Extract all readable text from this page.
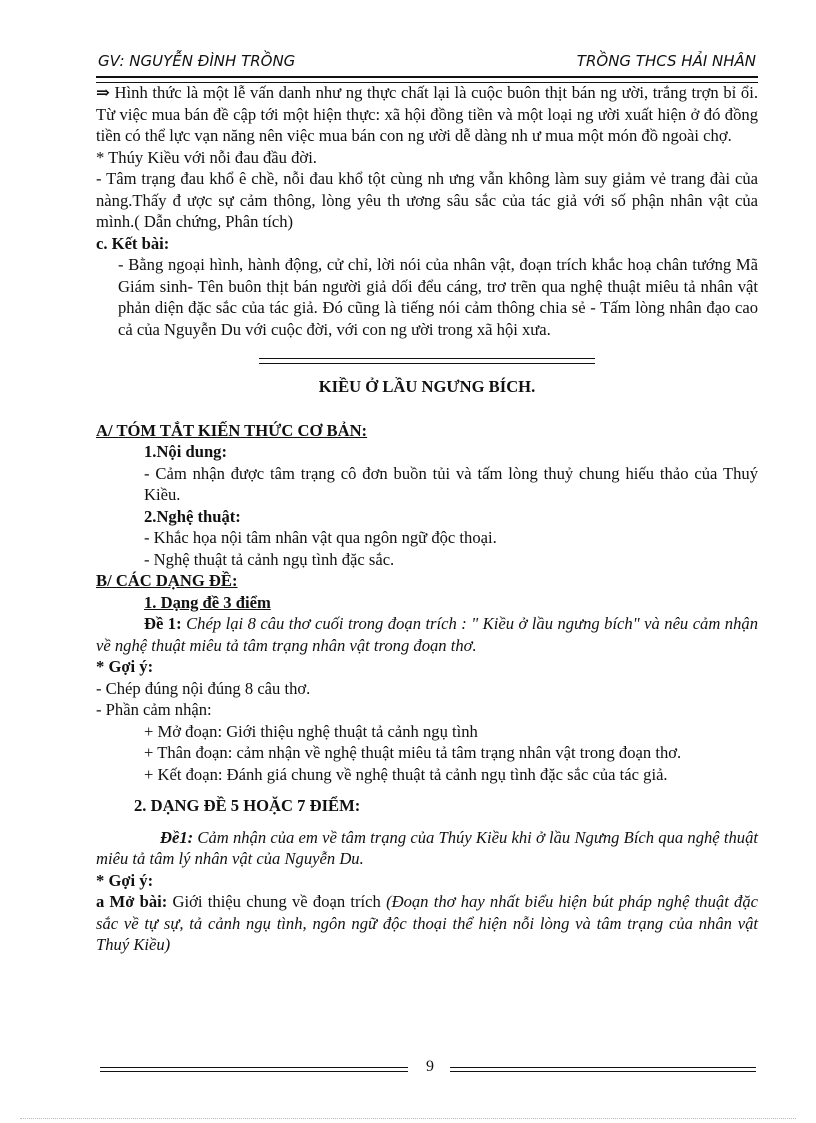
GV: NGUYỄN ĐÌNH TRỒNG	TRỒNG THCS HẢI NHÂN

⇒ Hình thức là một lễ vấn danh như ng thực chất lại là cuộc buôn thịt bán ng ười, trắng trợn bỉ ổi. Từ việc mua bán đề cập tới một hiện thực: xã hội đồng tiền và một loại ng ười xuất hiện ở đó đồng tiền có thể lực vạn năng nên việc mua bán con ng ười dễ dàng nh ư mua một món đồ ngoài chợ.

* Thúy Kiều với nỗi đau đầu đời.

- Tâm trạng đau khổ ê chề, nỗi đau khổ tột cùng nh ưng vẫn không làm suy giảm vẻ trang đài của nàng.Thấy đ ược sự cảm thông, lòng yêu th ương sâu sắc của tác giả với số phận nhân vật của mình.( Dẫn chứng, Phân tích)

c. Kết bài:

- Bằng ngoại hình, hành động, cử chỉ, lời nói của nhân vật, đoạn trích khắc hoạ chân tướng Mã Giám sinh- Tên buôn thịt bán người giả dối đểu cáng, trơ trẽn qua nghệ thuật miêu tả nhân vật phản diện đặc sắc của tác giả. Đó cũng là tiếng nói cảm thông chia sẻ - Tấm lòng nhân đạo cao cả của Nguyễn Du với cuộc đời, với con ng ười trong xã hội xưa.

KIỀU Ở LẦU NGƯNG BÍCH.

A/ TÓM TẮT KIẾN THỨC CƠ BẢN:

1.Nội dung:

- Cảm nhận được tâm trạng cô đơn buồn tủi và tấm lòng thuỷ chung hiếu thảo của Thuý Kiều.

2.Nghệ thuật:

- Khắc họa nội tâm nhân vật qua ngôn ngữ độc thoại.

- Nghệ thuật tả cảnh ngụ tình đặc sắc.

B/ CÁC DẠNG ĐỀ:

1. Dạng đề 3 điểm

Đề 1: Chép lại 8 câu thơ cuối trong đoạn trích : " Kiều ở lầu ngưng bích" và nêu cảm nhận về nghệ thuật miêu tả tâm trạng nhân vật trong đoạn thơ.

* Gợi ý:

- Chép đúng nội đúng 8 câu thơ.

- Phần cảm nhận:

+ Mở đoạn: Giới thiệu nghệ thuật tả cảnh ngụ tình

+ Thân đoạn: cảm nhận về nghệ thuật miêu tả tâm trạng nhân vật trong đoạn thơ.

+ Kết đoạn: Đánh giá chung về nghệ thuật tả cảnh ngụ tình đặc sắc của tác giả.

2. DẠNG ĐỀ 5 HOẶC 7 ĐIỂM:

Đề1: Cảm nhận của em về tâm trạng của Thúy Kiều khi ở lầu Ngưng Bích qua nghệ thuật miêu tả tâm lý nhân vật của Nguyễn Du.

* Gợi ý:

a Mở bài: Giới thiệu chung về đoạn trích (Đoạn thơ hay nhất biểu hiện bút pháp nghệ thuật đặc sắc về tự sự, tả cảnh ngụ tình, ngôn ngữ độc thoại thể hiện nỗi lòng và tâm trạng của nhân vật Thuý Kiều)

9
